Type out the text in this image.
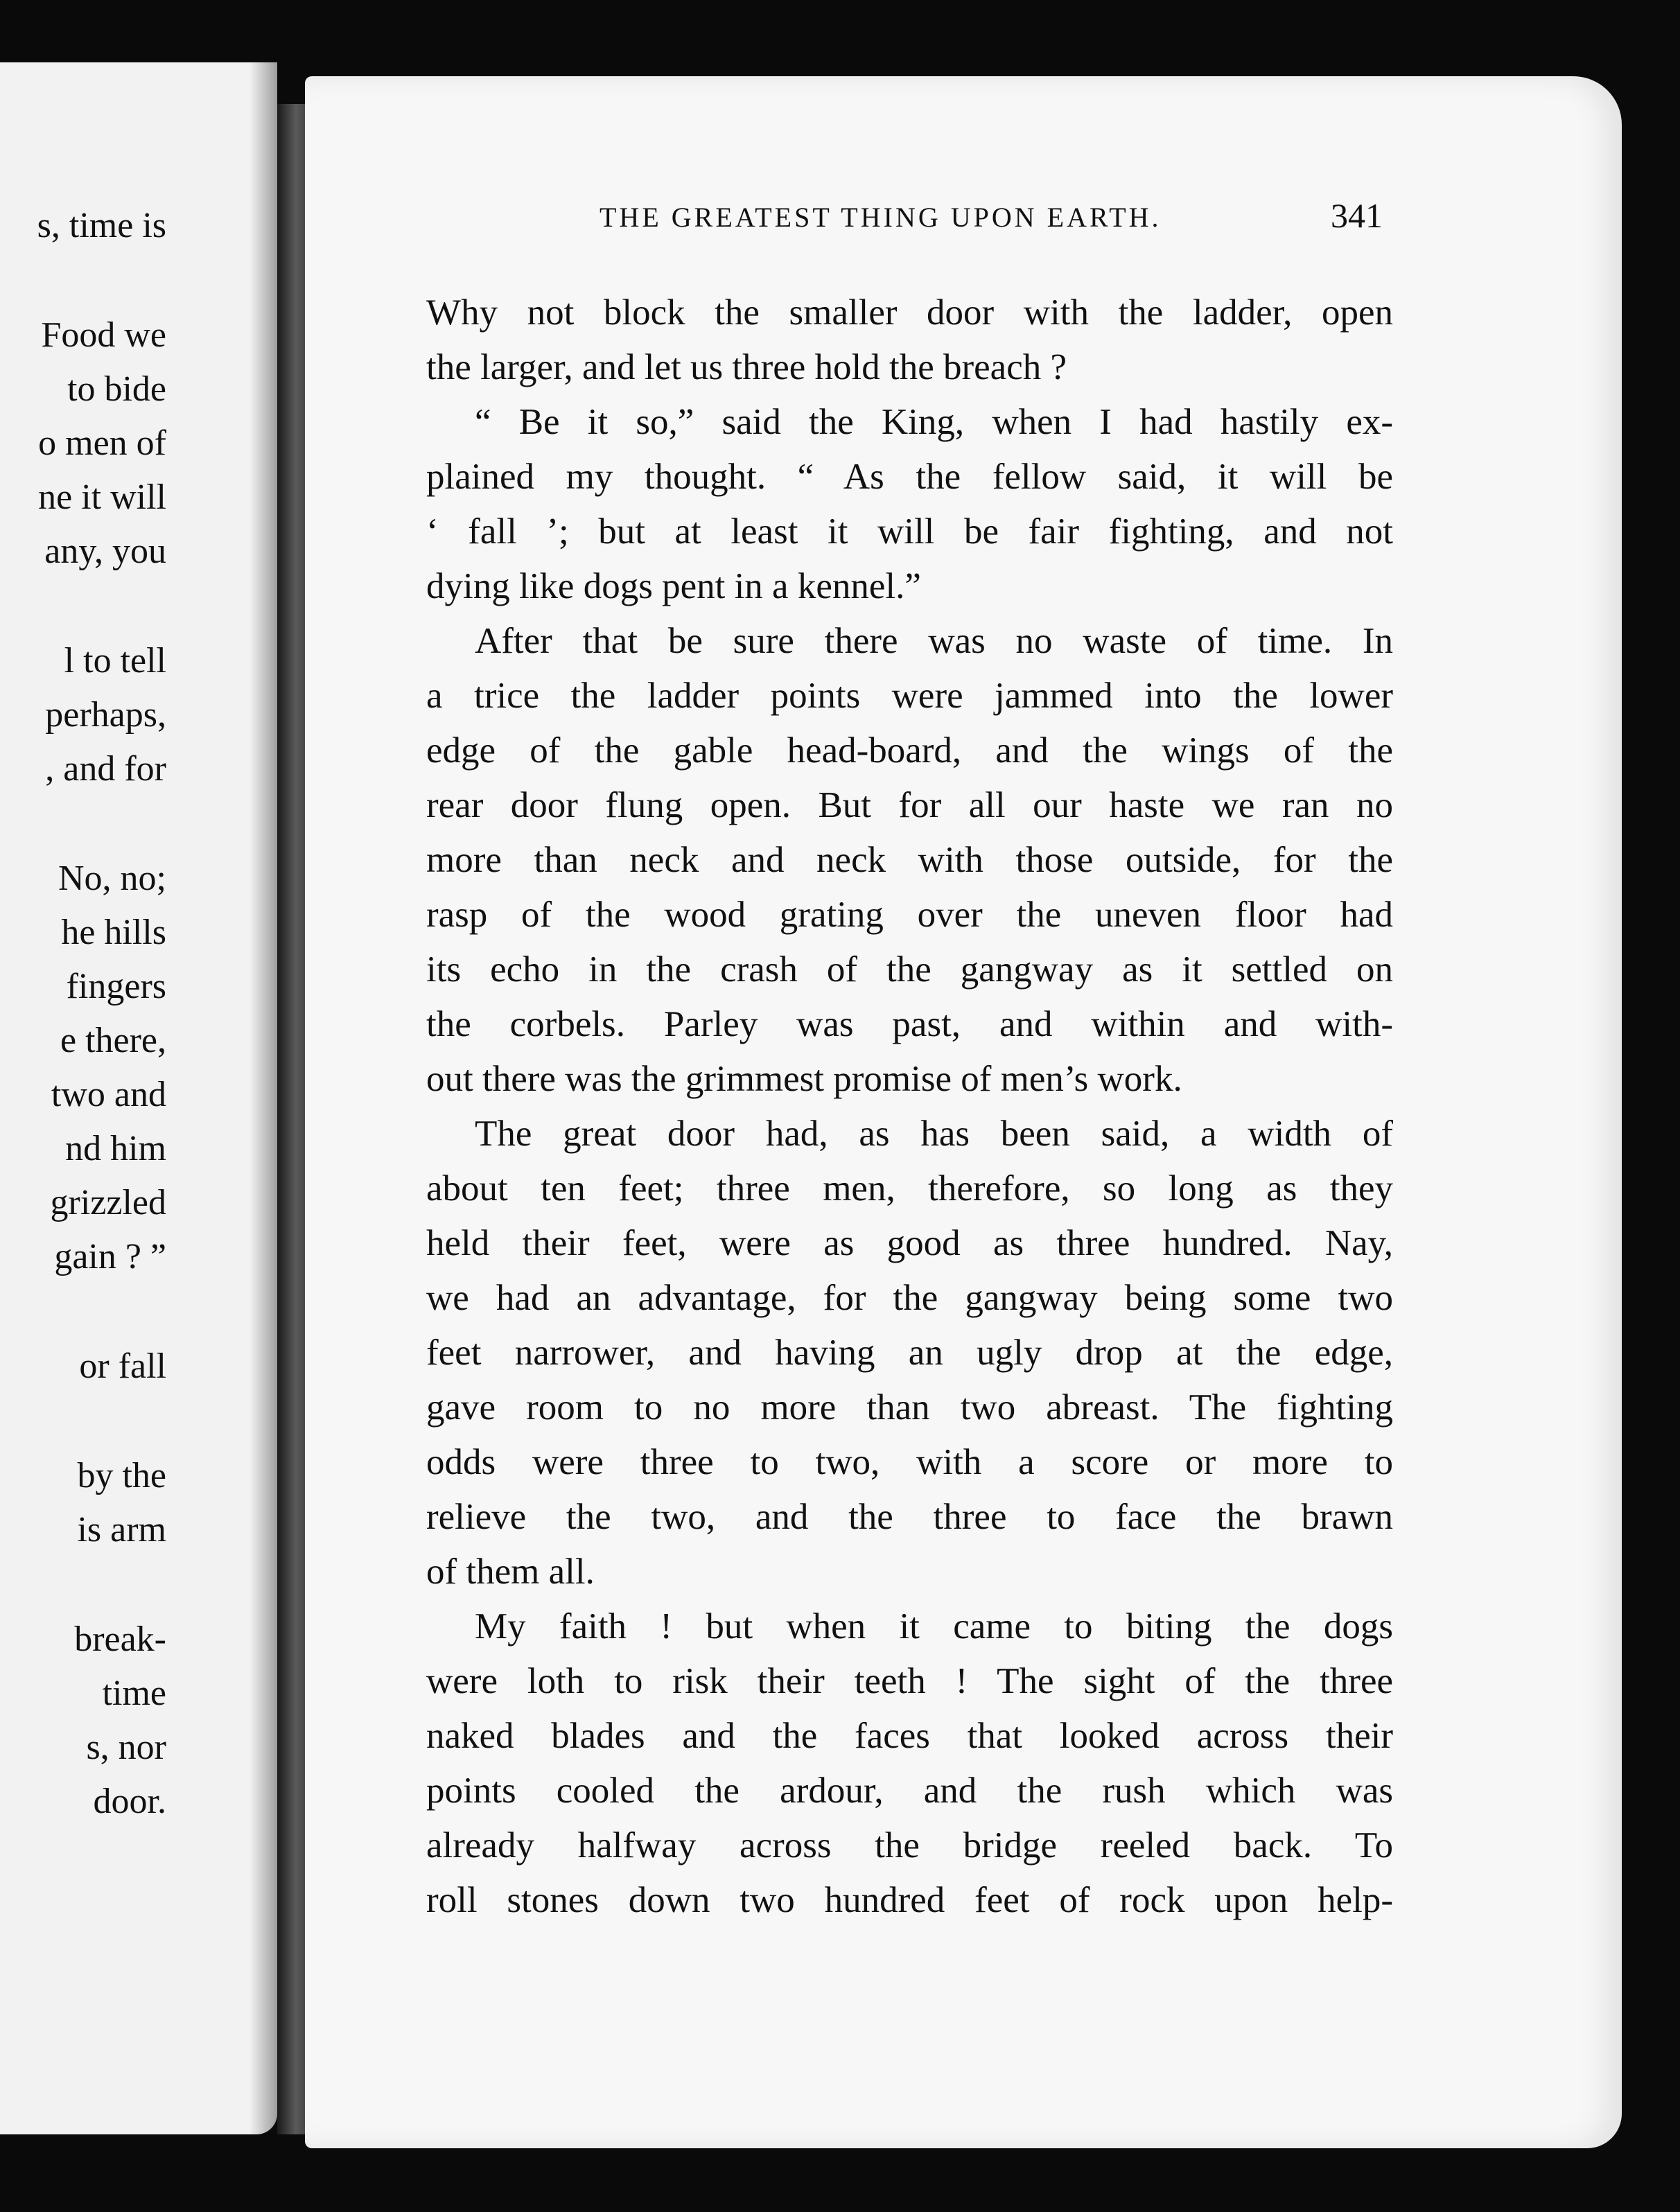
s, time is
Food we
to bide
o men of
ne it will
any, you
l to tell
perhaps,
, and for
No, no;
he hills
fingers
e there,
two and
nd him
grizzled
gain ? ”
or fall
by the
is arm
break-
time
s, nor
door.
THE GREATEST THING UPON EARTH.	341
Why not block the smaller door with the ladder, open
the larger, and let us three hold the breach ?
“ Be it so,” said the King, when I had hastily ex-
plained my thought. “ As the fellow said, it will be
‘ fall ’; but at least it will be fair fighting, and not
dying like dogs pent in a kennel.”
After that be sure there was no waste of time. In
a trice the ladder points were jammed into the lower
edge of the gable head-board, and the wings of the
rear door flung open. But for all our haste we ran no
more than neck and neck with those outside, for the
rasp of the wood grating over the uneven floor had
its echo in the crash of the gangway as it settled on
the corbels. Parley was past, and within and with-
out there was the grimmest promise of men’s work.
The great door had, as has been said, a width of
about ten feet; three men, therefore, so long as they
held their feet, were as good as three hundred. Nay,
we had an advantage, for the gangway being some two
feet narrower, and having an ugly drop at the edge,
gave room to no more than two abreast. The fighting
odds were three to two, with a score or more to
relieve the two, and the three to face the brawn
of them all.
My faith ! but when it came to biting the dogs
were loth to risk their teeth ! The sight of the three
naked blades and the faces that looked across their
points cooled the ardour, and the rush which was
already halfway across the bridge reeled back. To
roll stones down two hundred feet of rock upon help-
